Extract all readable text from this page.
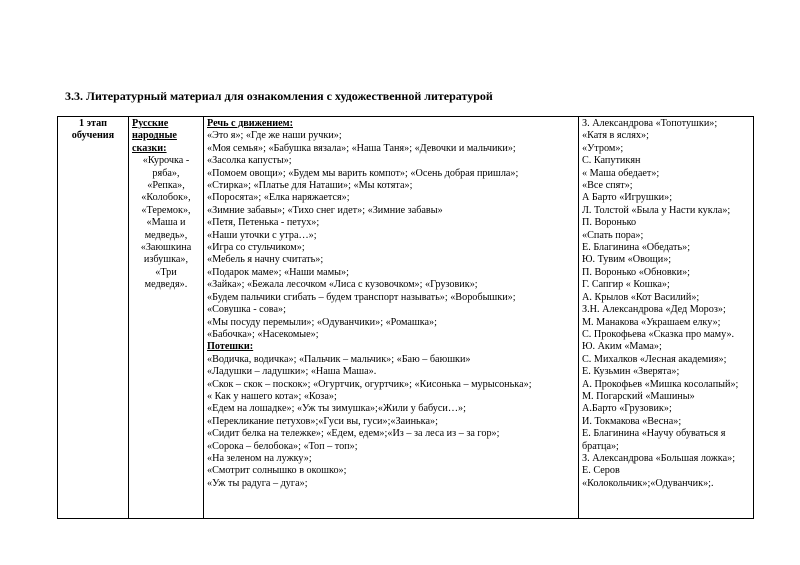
3.3. Литературный материал для ознакомления с художественной литературой
1 этап
обучения

Русские
народные
сказки:
«Курочка -
ряба»,
«Репка»,
«Колобок»,
«Теремок»,
«Маша и
медведь»,
«Заюшкина
избушка»,
«Три
медведя».

Речь с движением:
«Это я»; «Где же наши ручки»;
«Моя семья»; «Бабушка вязала»; «Наша Таня»; «Девочки и мальчики»;
«Засолка капусты»;
«Помоем овощи»; «Будем мы варить компот»; «Осень добрая пришла»;
«Стирка»; «Платье для Наташи»; «Мы котята»;
«Поросята»; «Елка наряжается»;
«Зимние забавы»; «Тихо снег идет»; «Зимние забавы»
«Петя, Петенька - петух»;
«Наши уточки с утра…»;
«Игра со стульчиком»;
«Мебель я начну считать»;
«Подарок маме»; «Наши мамы»;
«Зайка»; «Бежала лесочком «Лиса с кузовочком»; «Грузовик»;
«Будем пальчики сгибать – будем транспорт называть»; «Воробышки»;
«Совушка - сова»;
«Мы посуду перемыли»; «Одуванчики»; «Ромашка»;
«Бабочка»; «Насекомые»;
Потешки:
«Водичка, водичка»; «Пальчик – мальчик»; «Баю – баюшки»
«Ладушки – ладушки»; «Наша Маша».
«Скок – скок – поскок»; «Огуртчик, огуртчик»; «Кисонька – мурысонька»;
« Как у нашего кота»; «Коза»;
«Едем на лошадке»; «Уж ты зимушка»;«Жили у бабуси…»;
«Перекликание петухов»;«Гуси вы, гуси»;«Заинька»;
«Сидит белка на тележке»; «Едем, едем»;«Из – за леса из – за гор»;
«Сорока – белобока»; «Топ – топ»;
«На зеленом на лужку»;
«Смотрит солнышко в окошко»;
«Уж ты радуга – дуга»;

З. Александрова «Топотушки»;
«Катя в яслях»;
«Утром»;
С. Капутикян
« Маша обедает»;
«Все спят»;
А Барто «Игрушки»;
Л. Толстой «Была у Насти кукла»;
П. Воронько
«Спать пора»;
Е. Благинина «Обедать»;
Ю. Тувим «Овощи»;
П. Воронько «Обновки»;
Г. Сапгир « Кошка»;
А. Крылов «Кот Василий»;
З.Н. Александрова «Дед Мороз»;
М. Манакова «Украшаем елку»;
С. Прокофьева «Сказка про маму».
Ю. Аким «Мама»;
С. Михалков «Лесная академия»;
Е. Кузьмин «Зверята»;
А. Прокофьев «Мишка косолапый»;
М. Погарский «Машины»
А.Барто «Грузовик»;
И. Токмакова «Весна»;
Е. Благинина «Научу обуваться я братца»;
З. Александрова «Большая ложка»;
Е. Серов
«Колокольчик»;«Одуванчик»;.
